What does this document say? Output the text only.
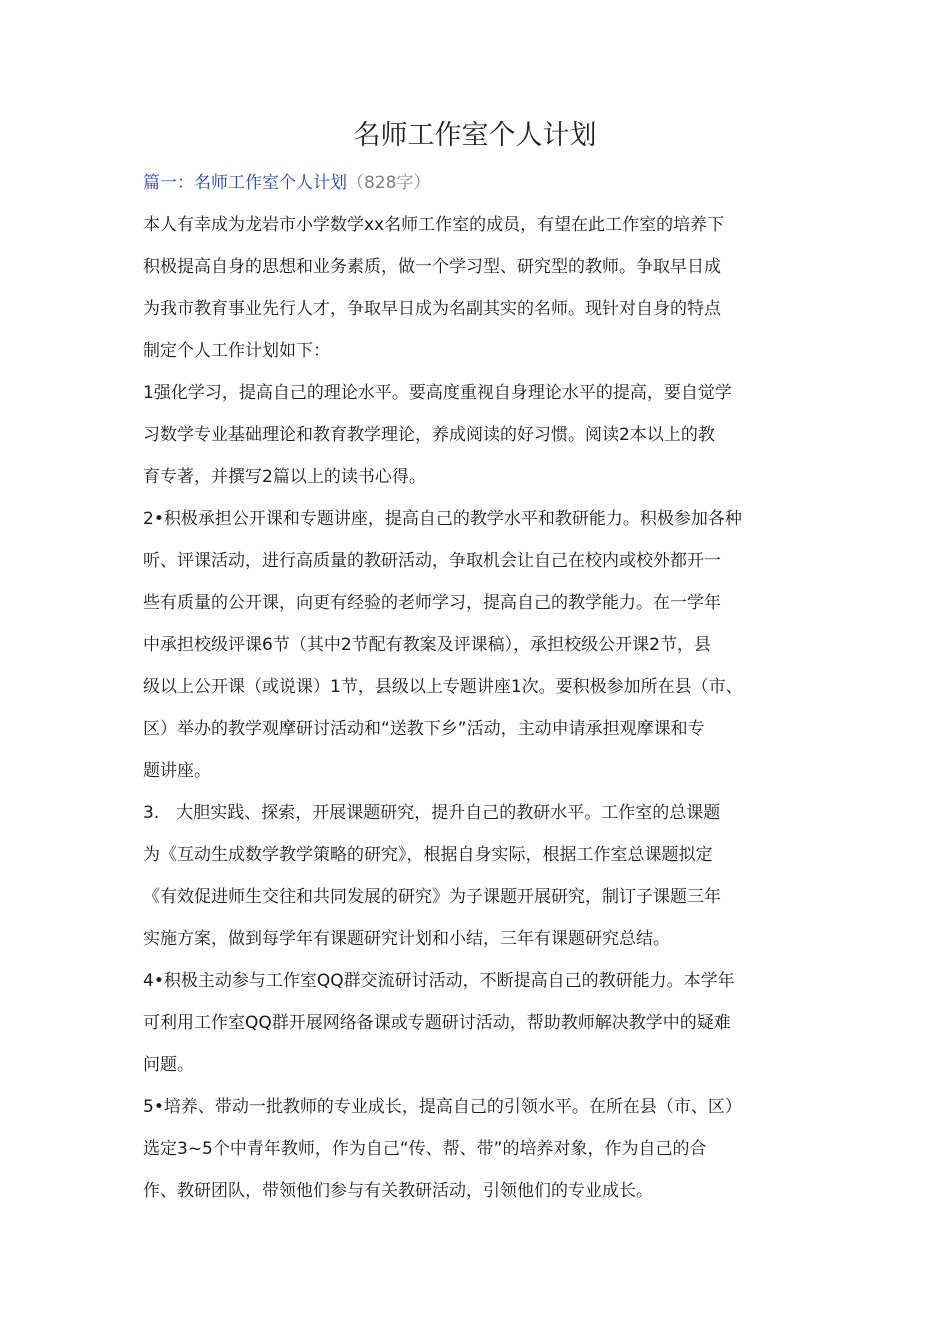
名师工作室个人计划
篇一：名师工作室个人计划（828字）
本人有幸成为龙岩市小学数学xx名师工作室的成员，有望在此工作室的培养下
积极提高自身的思想和业务素质，做一个学习型、研究型的教师。争取早日成
为我市教育事业先行人才，争取早日成为名副其实的名师。现针对自身的特点
制定个人工作计划如下：
1强化学习，提高自己的理论水平。要高度重视自身理论水平的提高，要自觉学
习数学专业基础理论和教育教学理论，养成阅读的好习惯。阅读2本以上的教
育专著，并撰写2篇以上的读书心得。
2•积极承担公开课和专题讲座，提高自己的教学水平和教研能力。积极参加各种
听、评课活动，进行高质量的教研活动，争取机会让自己在校内或校外都开一
些有质量的公开课，向更有经验的老师学习，提高自己的教学能力。在一学年
中承担校级评课6节（其中2节配有教案及评课稿），承担校级公开课2节，县
级以上公开课（或说课）1节，县级以上专题讲座1次。要积极参加所在县（市、
区）举办的教学观摩研讨活动和“送教下乡”活动，主动申请承担观摩课和专
题讲座。
3.　大胆实践、探索，开展课题研究，提升自己的教研水平。工作室的总课题
为《互动生成数学教学策略的研究》，根据自身实际，根据工作室总课题拟定
《有效促进师生交往和共同发展的研究》为子课题开展研究，制订子课题三年
实施方案，做到每学年有课题研究计划和小结，三年有课题研究总结。
4•积极主动参与工作室QQ群交流研讨活动，不断提高自己的教研能力。本学年
可利用工作室QQ群开展网络备课或专题研讨活动，帮助教师解决教学中的疑难
问题。
5•培养、带动一批教师的专业成长，提高自己的引领水平。在所在县（市、区）
选定3~5个中青年教师，作为自己“传、帮、带”的培养对象，作为自己的合
作、教研团队，带领他们参与有关教研活动，引领他们的专业成长。
